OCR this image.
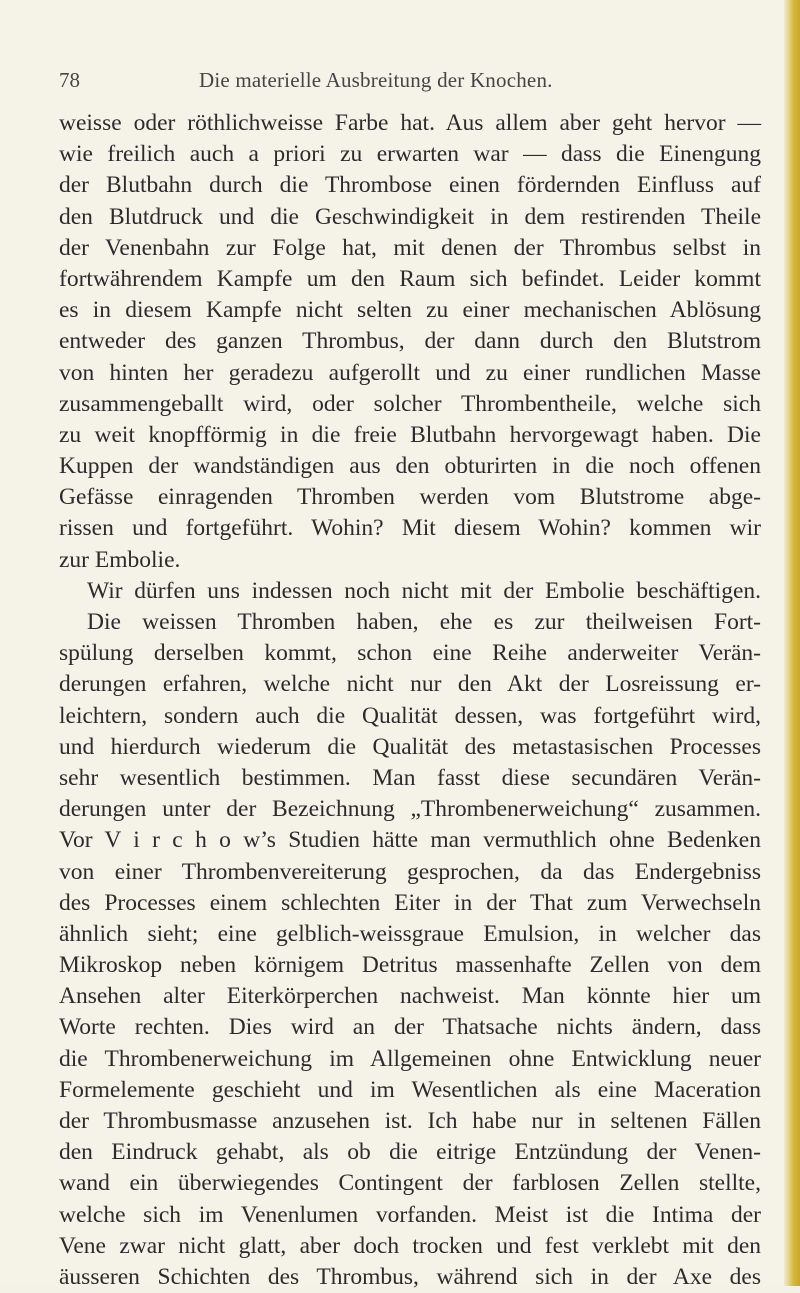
78	Die materielle Ausbreitung der Knochen.
weisse oder röthlichweisse Farbe hat. Aus allem aber geht hervor —
wie freilich auch a priori zu erwarten war — dass die Einengung
der Blutbahn durch die Thrombose einen fördernden Einfluss auf
den Blutdruck und die Geschwindigkeit in dem restirenden Theile
der Venenbahn zur Folge hat, mit denen der Thrombus selbst in
fortwährendem Kampfe um den Raum sich befindet. Leider kommt
es in diesem Kampfe nicht selten zu einer mechanischen Ablösung
entweder des ganzen Thrombus, der dann durch den Blutstrom
von hinten her geradezu aufgerollt und zu einer rundlichen Masse
zusammengeballt wird, oder solcher Thrombentheile, welche sich
zu weit knopfförmig in die freie Blutbahn hervorgewagt haben. Die
Kuppen der wandständigen aus den obturirten in die noch offenen
Gefässe einragenden Thromben werden vom Blutstrome abge-
rissen und fortgeführt. Wohin? Mit diesem Wohin? kommen wir
zur Embolie.
Wir dürfen uns indessen noch nicht mit der Embolie beschäftigen.
Die weissen Thromben haben, ehe es zur theilweisen Fort-
spülung derselben kommt, schon eine Reihe anderweiter Verän-
derungen erfahren, welche nicht nur den Akt der Losreissung er-
leichtern, sondern auch die Qualität dessen, was fortgeführt wird,
und hierdurch wiederum die Qualität des metastasischen Processes
sehr wesentlich bestimmen. Man fasst diese secundären Verän-
derungen unter der Bezeichnung „Thrombenerweichung“ zusammen.
Vor V i r c h o w’s Studien hätte man vermuthlich ohne Bedenken
von einer Thrombenvereiterung gesprochen, da das Endergebniss
des Processes einem schlechten Eiter in der That zum Verwechseln
ähnlich sieht; eine gelblich-weissgraue Emulsion, in welcher das
Mikroskop neben körnigem Detritus massenhafte Zellen von dem
Ansehen alter Eiterkörperchen nachweist. Man könnte hier um
Worte rechten. Dies wird an der Thatsache nichts ändern, dass
die Thrombenerweichung im Allgemeinen ohne Entwicklung neuer
Formelemente geschieht und im Wesentlichen als eine Maceration
der Thrombusmasse anzusehen ist. Ich habe nur in seltenen Fällen
den Eindruck gehabt, als ob die eitrige Entzündung der Venen-
wand ein überwiegendes Contingent der farblosen Zellen stellte,
welche sich im Venenlumen vorfanden. Meist ist die Intima der
Vene zwar nicht glatt, aber doch trocken und fest verklebt mit den
äusseren Schichten des Thrombus, während sich in der Axe des
